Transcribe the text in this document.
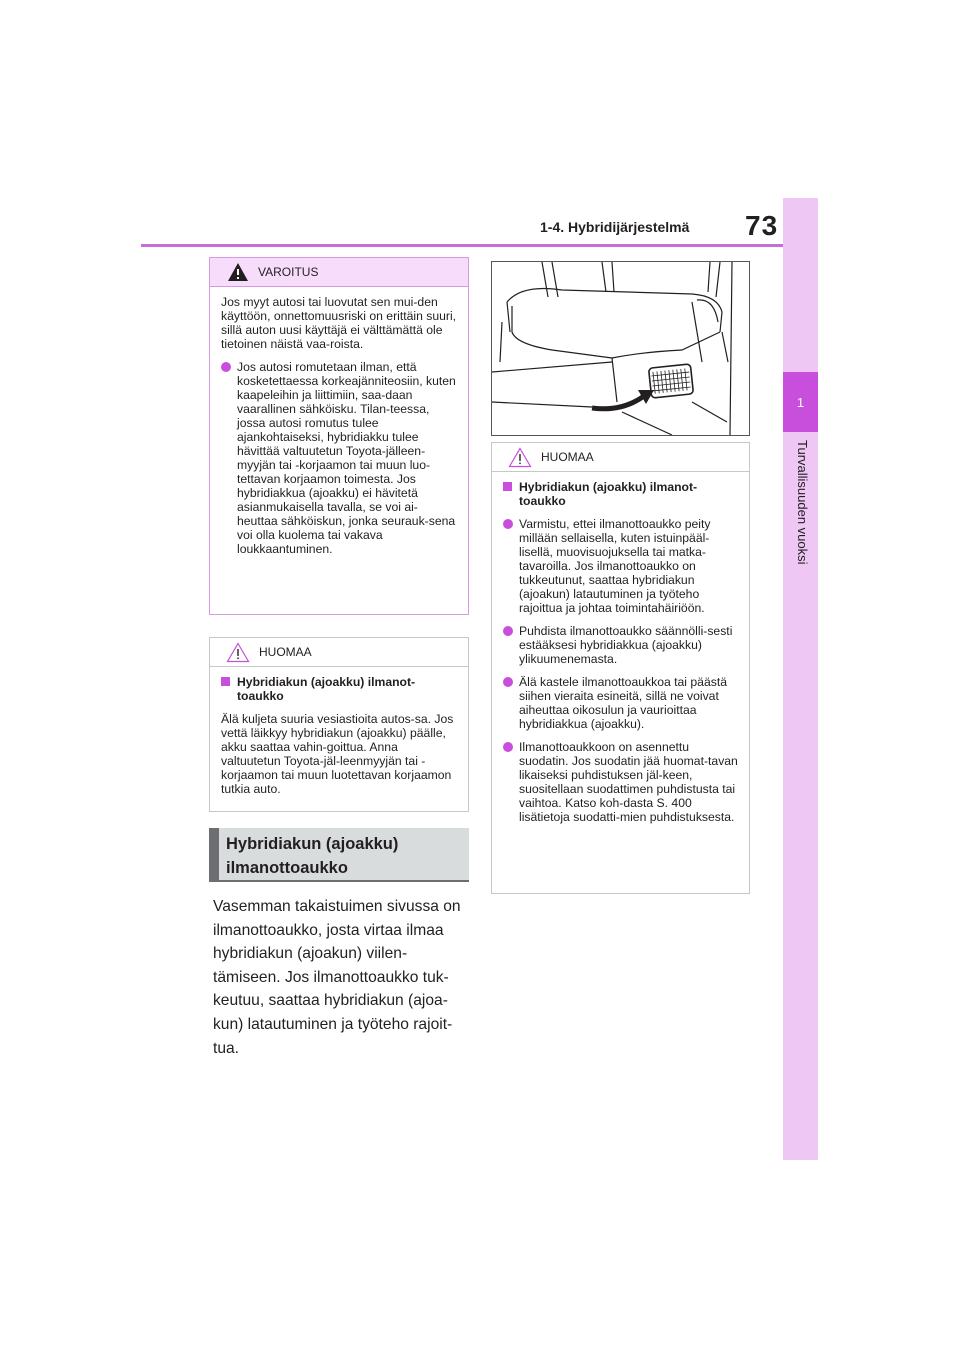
1-4. Hybridijärjestelmä 73
1
Turvallisuuden vuoksi
VAROITUS

Jos myyt autosi tai luovutat sen mui-den käyttöön, onnettomuusriski on erittäin suuri, sillä auton uusi käyttäjä ei välttämättä ole tietoinen näistä vaa-roista.

Jos autosi romutetaan ilman, että kosketettaessa korkeajänniteosiin, kuten kaapeleihin ja liittimiin, saa-daan vaarallinen sähköisku. Tilan-teessa, jossa autosi romutus tulee ajankohtaiseksi, hybridiakku tulee hävittää valtuutetun Toyota-jälleen-myyjän tai -korjaamon tai muun luo-tettavan korjaamon toimesta. Jos hybridiakkua (ajoakku) ei hävitetä asianmukaisella tavalla, se voi ai-heuttaa sähköiskun, jonka seurauk-sena voi olla kuolema tai vakava loukkaantuminen.
HUOMAA
Hybridiakun (ajoakku) ilmanot-toaukko

Älä kuljeta suuria vesiastioita autos-sa. Jos vettä läikkyy hybridiakun (ajoakku) päälle, akku saattaa vahin-goittua. Anna valtuutetun Toyota-jäl-leenmyyjän tai -korjaamon tai muun luotettavan korjaamon tutkia auto.

Hybridiakun (ajoakku) ilmanottoaukko
Vasemman takaistuimen sivussa on ilmanottoaukko, josta virtaa ilmaa hybridiakun (ajoakun) viilen-tämiseen. Jos ilmanottoaukko tuk-keutuu, saattaa hybridiakun (ajoa-kun) latautuminen ja työteho rajoit-tua.
HUOMAA
Hybridiakun (ajoakku) ilmanot-toaukko
Varmistu, ettei ilmanottoaukko peity millään sellaisella, kuten istuinpääl-lisellä, muovisuojuksella tai matka-tavaroilla. Jos ilmanottoaukko on tukkeutunut, saattaa hybridiakun (ajoakun) latautuminen ja työteho rajoittua ja johtaa toimintahäiriöön.
Puhdista ilmanottoaukko säännölli-sesti estääksesi hybridiakkua (ajoakku) ylikuumenemasta.
Älä kastele ilmanottoaukkoa tai päästä siihen vieraita esineitä, sillä ne voivat aiheuttaa oikosulun ja vaurioittaa hybridiakkua (ajoakku).
Ilmanottoaukkoon on asennettu suodatin. Jos suodatin jää huomat-tavan likaiseksi puhdistuksen jäl-keen, suositellaan suodattimen puhdistusta tai vaihtoa. Katso koh-dasta S. 400 lisätietoja suodatti-mien puhdistuksesta.
